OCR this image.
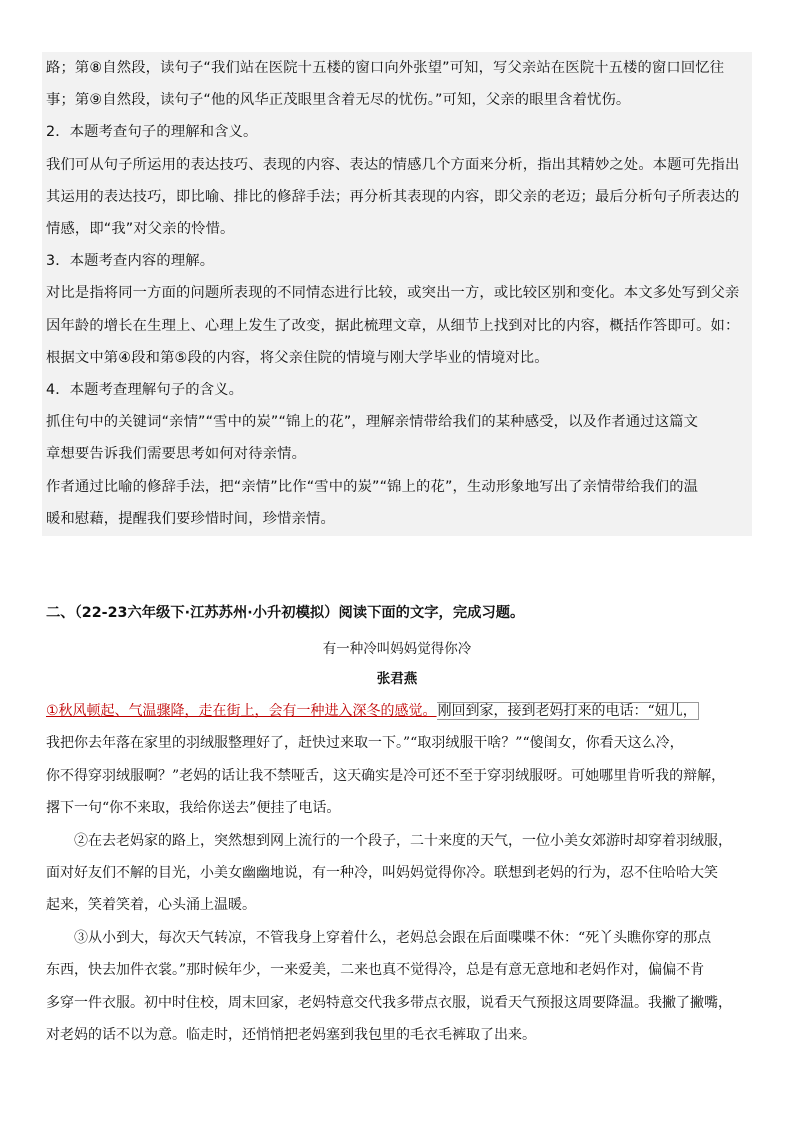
路；第⑧自然段，读句子“我们站在医院十五楼的窗口向外张望”可知，写父亲站在医院十五楼的窗口回忆往

事；第⑨自然段，读句子“他的风华正茂眼里含着无尽的忧伤。”可知，父亲的眼里含着忧伤。

2．本题考查句子的理解和含义。

我们可从句子所运用的表达技巧、表现的内容、表达的情感几个方面来分析，指出其精妙之处。本题可先指出

其运用的表达技巧，即比喻、排比的修辞手法；再分析其表现的内容，即父亲的老迈；最后分析句子所表达的

情感，即“我”对父亲的怜惜。

3．本题考查内容的理解。

对比是指将同一方面的问题所表现的不同情态进行比较，或突出一方，或比较区别和变化。本文多处写到父亲

因年龄的增长在生理上、心理上发生了改变，据此梳理文章，从细节上找到对比的内容，概括作答即可。如：

根据文中第④段和第⑤段的内容，将父亲住院的情境与刚大学毕业的情境对比。

4．本题考查理解句子的含义。

抓住句中的关键词“亲情”“雪中的炭”“锦上的花”，理解亲情带给我们的某种感受，以及作者通过这篇文

章想要告诉我们需要思考如何对待亲情。

作者通过比喻的修辞手法，把“亲情”比作“雪中的炭”“锦上的花”，生动形象地写出了亲情带给我们的温

暖和慰藉，提醒我们要珍惜时间，珍惜亲情。

二、（22-23六年级下·江苏苏州·小升初模拟）阅读下面的文字，完成习题。
有一种冷叫妈妈觉得你冷
张君燕

①秋风顿起、气温骤降，走在街上，会有一种进入深冬的感觉。刚回到家，接到老妈打来的电话：“妞儿，

我把你去年落在家里的羽绒服整理好了，赶快过来取一下。”“取羽绒服干啥？”“傻闺女，你看天这么冷，

你不得穿羽绒服啊？”老妈的话让我不禁哑舌，这天确实是冷可还不至于穿羽绒服呀。可她哪里肯听我的辩解，

撂下一句“你不来取，我给你送去”便挂了电话。

②在去老妈家的路上，突然想到网上流行的一个段子，二十来度的天气，一位小美女郊游时却穿着羽绒服，

面对好友们不解的目光，小美女幽幽地说，有一种冷，叫妈妈觉得你冷。联想到老妈的行为，忍不住哈哈大笑

起来，笑着笑着，心头涌上温暖。

③从小到大，每次天气转凉，不管我身上穿着什么，老妈总会跟在后面喋喋不休：“死丫头瞧你穿的那点

东西，快去加件衣裳。”那时候年少，一来爱美，二来也真不觉得冷，总是有意无意地和老妈作对，偏偏不肯

多穿一件衣服。初中时住校，周末回家，老妈特意交代我多带点衣服，说看天气预报这周要降温。我撇了撇嘴，

对老妈的话不以为意。临走时，还悄悄把老妈塞到我包里的毛衣毛裤取了出来。
